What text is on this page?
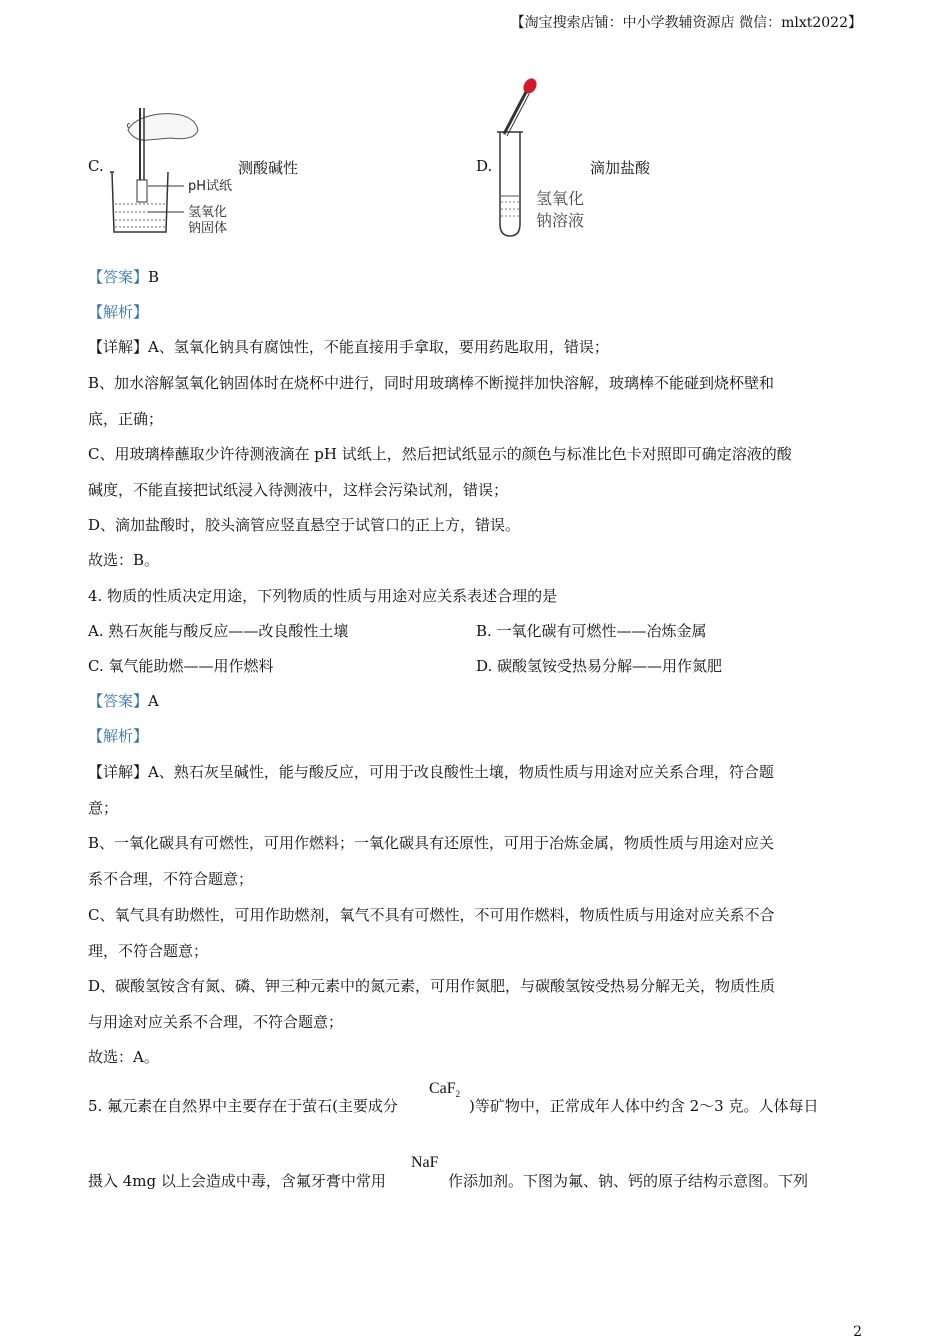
【淘宝搜索店铺：中小学教辅资源店 微信：mlxt2022】
C.
pH试纸
氢氧化
钠固体
测酸碱性	D.
氢氧化
钠溶液
滴加盐酸
【答案】B
【解析】
【详解】A、氢氧化钠具有腐蚀性，不能直接用手拿取，要用药匙取用，错误；
B、加水溶解氢氧化钠固体时在烧杯中进行，同时用玻璃棒不断搅拌加快溶解，玻璃棒不能碰到烧杯壁和
底，正确；
C、用玻璃棒蘸取少许待测液滴在 pH 试纸上，然后把试纸显示的颜色与标准比色卡对照即可确定溶液的酸
碱度，不能直接把试纸浸入待测液中，这样会污染试剂，错误；
D、滴加盐酸时，胶头滴管应竖直悬空于试管口的正上方，错误。
故选：B。
4. 物质的性质决定用途，下列物质的性质与用途对应关系表述合理的是
A. 熟石灰能与酸反应——改良酸性土壤	B. 一氧化碳有可燃性——冶炼金属
C. 氧气能助燃——用作燃料	D. 碳酸氢铵受热易分解——用作氮肥
【答案】A
【解析】
【详解】A、熟石灰呈碱性，能与酸反应，可用于改良酸性土壤，物质性质与用途对应关系合理，符合题
意；
B、一氧化碳具有可燃性，可用作燃料；一氧化碳具有还原性，可用于冶炼金属，物质性质与用途对应关
系不合理，不符合题意；
C、氧气具有助燃性，可用作助燃剂，氧气不具有可燃性，不可用作燃料，物质性质与用途对应关系不合
理，不符合题意；
D、碳酸氢铵含有氮、磷、钾三种元素中的氮元素，可用作氮肥，与碳酸氢铵受热易分解无关，物质性质
与用途对应关系不合理，不符合题意；
故选：A。
5. 氟元素在自然界中主要存在于萤石(主要成分
CaF$_2$
)等矿物中，正常成年人体中约含 2～3 克。人体每日
摄入 4mg 以上会造成中毒，含氟牙膏中常用
NaF
作添加剂。下图为氟、钠、钙的原子结构示意图。下列
2
